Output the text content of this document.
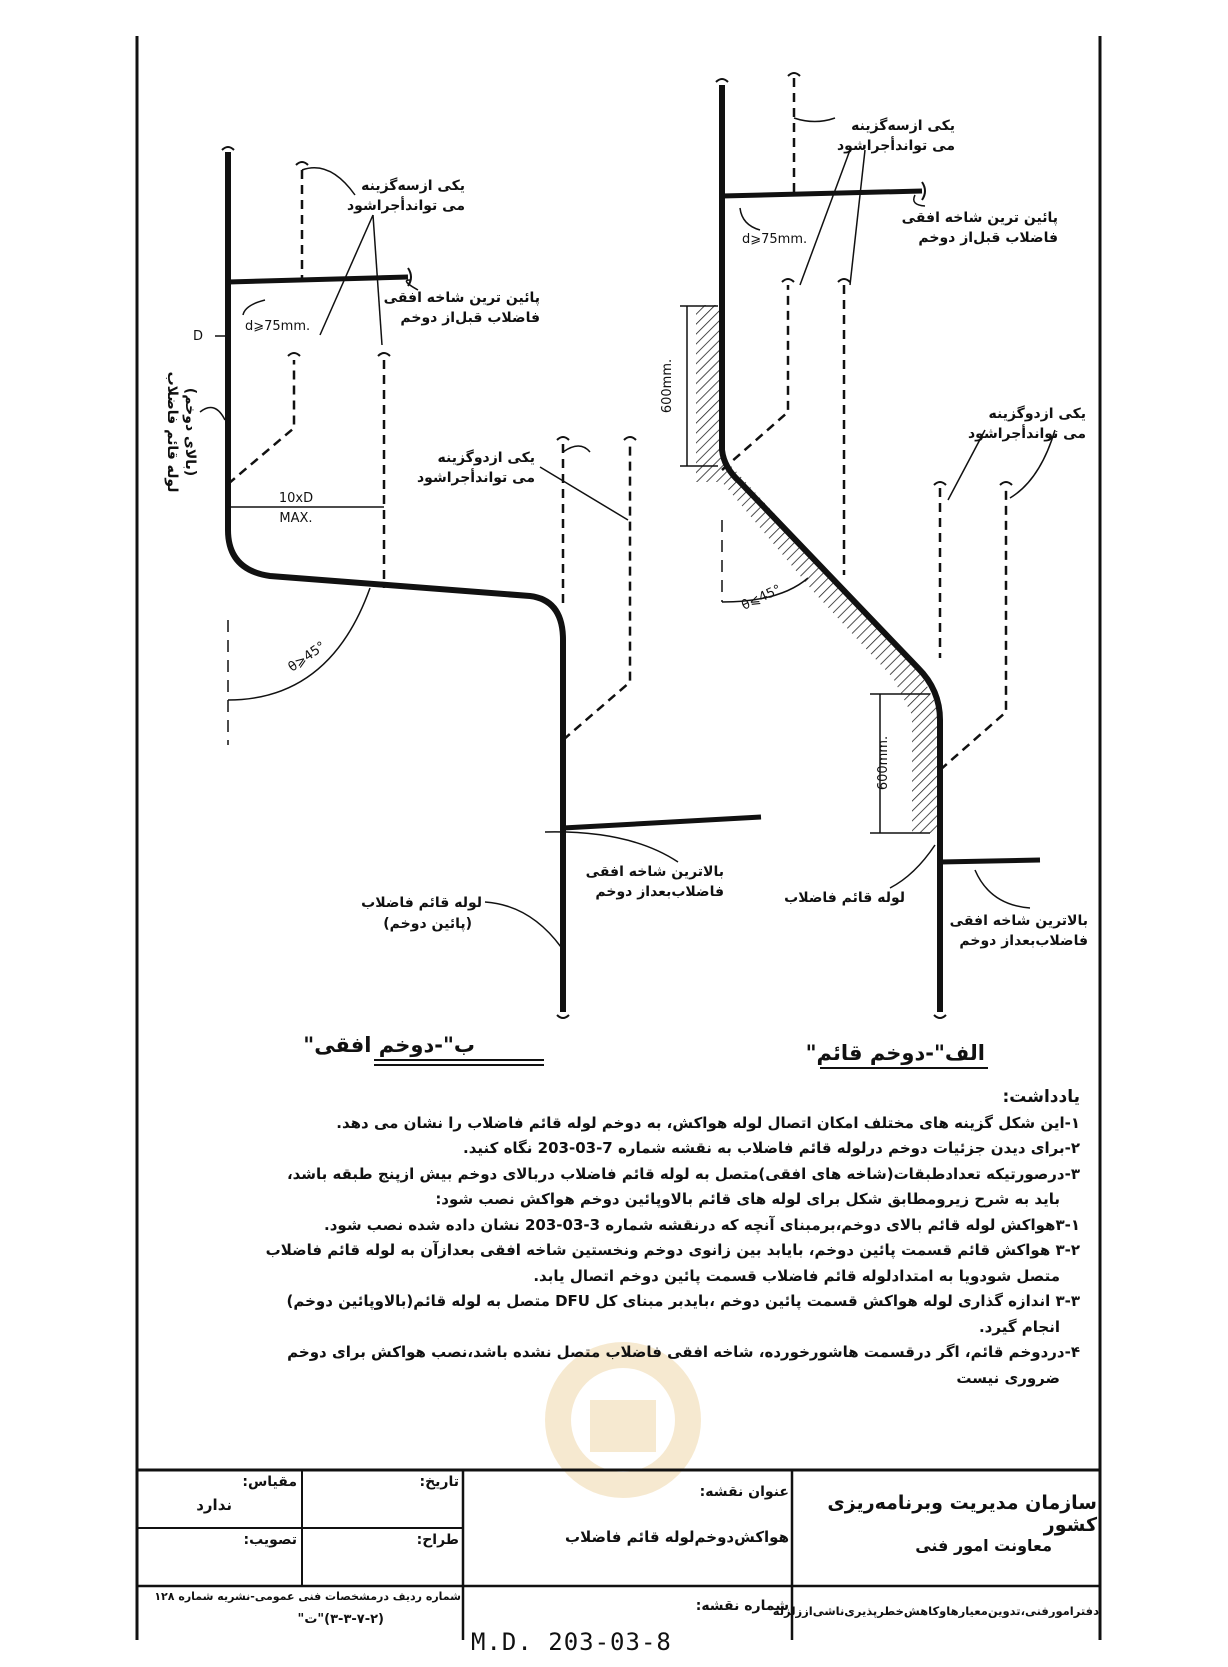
یکی ازسه‌گزینه
می تواندأجراشود
پائین ترین شاخه افقی
فاضلاب قبل‌از دوخم
d⩾75mm.
D
لوله قائم فاضلاب (بالای دوخم)
10xD
MAX.
θ⩾45°
یکی ازدوگزینه
می تواندأجراشود
بالاترین شاخه افقی
فاضلاب‌بعداز دوخم
لوله قائم فاضلاب
(پائین دوخم)
"ب"-دوخم افقی
یکی ازسه‌گزینه
می تواندأجراشود
پائین ترین شاخه افقی
فاضلاب قبل‌از دوخم
d⩾75mm.
600mm.
600mm.
θ⩽45°
یکی ازدوگزینه
می تواندأجراشود
لوله قائم فاضلاب
بالاترین شاخه افقی
فاضلاب‌بعداز دوخم
"الف"-دوخم قائم
یادداشت:
۱-این شکل گزینه های مختلف امکان اتصال لوله هواکش، به دوخم لوله قائم فاضلاب را نشان می دهد.
۲-برای دیدن جزئیات دوخم درلوله قائم فاضلاب به نقشه شماره 7-03-203 نگاه کنید.
۳-درصورتیکه تعدادطبقات(شاخه های افقی)متصل به لوله قائم فاضلاب دربالای دوخم بیش ازپنج طبقه باشد،
باید به شرح زیرومطابق شکل برای لوله های قائم بالاوپائین دوخم هواکش نصب شود:
۳-۱هواکش لوله قائم بالای دوخم،برمبنای آنچه که درنقشه شماره 3-03-203 نشان داده شده نصب شود.
۳-۲ هواکش قائم قسمت پائین دوخم، بایابد بین زانوی دوخم ونخستین شاخه افقی بعدازآن به لوله قائم فاضلاب
متصل شودویا به امتدادلوله قائم فاضلاب قسمت پائین دوخم اتصال یابد.
۳-۳ اندازه گذاری لوله هواکش قسمت پائین دوخم ،بایدبر مبنای کل DFU متصل به لوله قائم(بالاوپائین دوخم)
انجام گیرد.
۴-دردوخم قائم، اگر درقسمت هاشورخورده، شاخه افقی فاضلاب متصل نشده باشد،نصب هواکش برای دوخم
ضروری نیست
سازمان مدیریت وبرنامه‌ریزی کشور
معاونت امور فنی
دفترامورفنی،تدوین‌معیارهاوکاهش‌خطرپذیری‌ناشی‌اززلزله
عنوان نقشه:
هواکش‌دوخم‌لوله قائم فاضلاب
شماره نقشه:
M.D. 203-03-8
مقیاس:
ندارد
تاریخ:
تصویب:	طراح:
شماره ردیف درمشخصات فنی عمومی-نشریه شماره ۱۲۸
(۳-۳-۷-۲)"ت"
